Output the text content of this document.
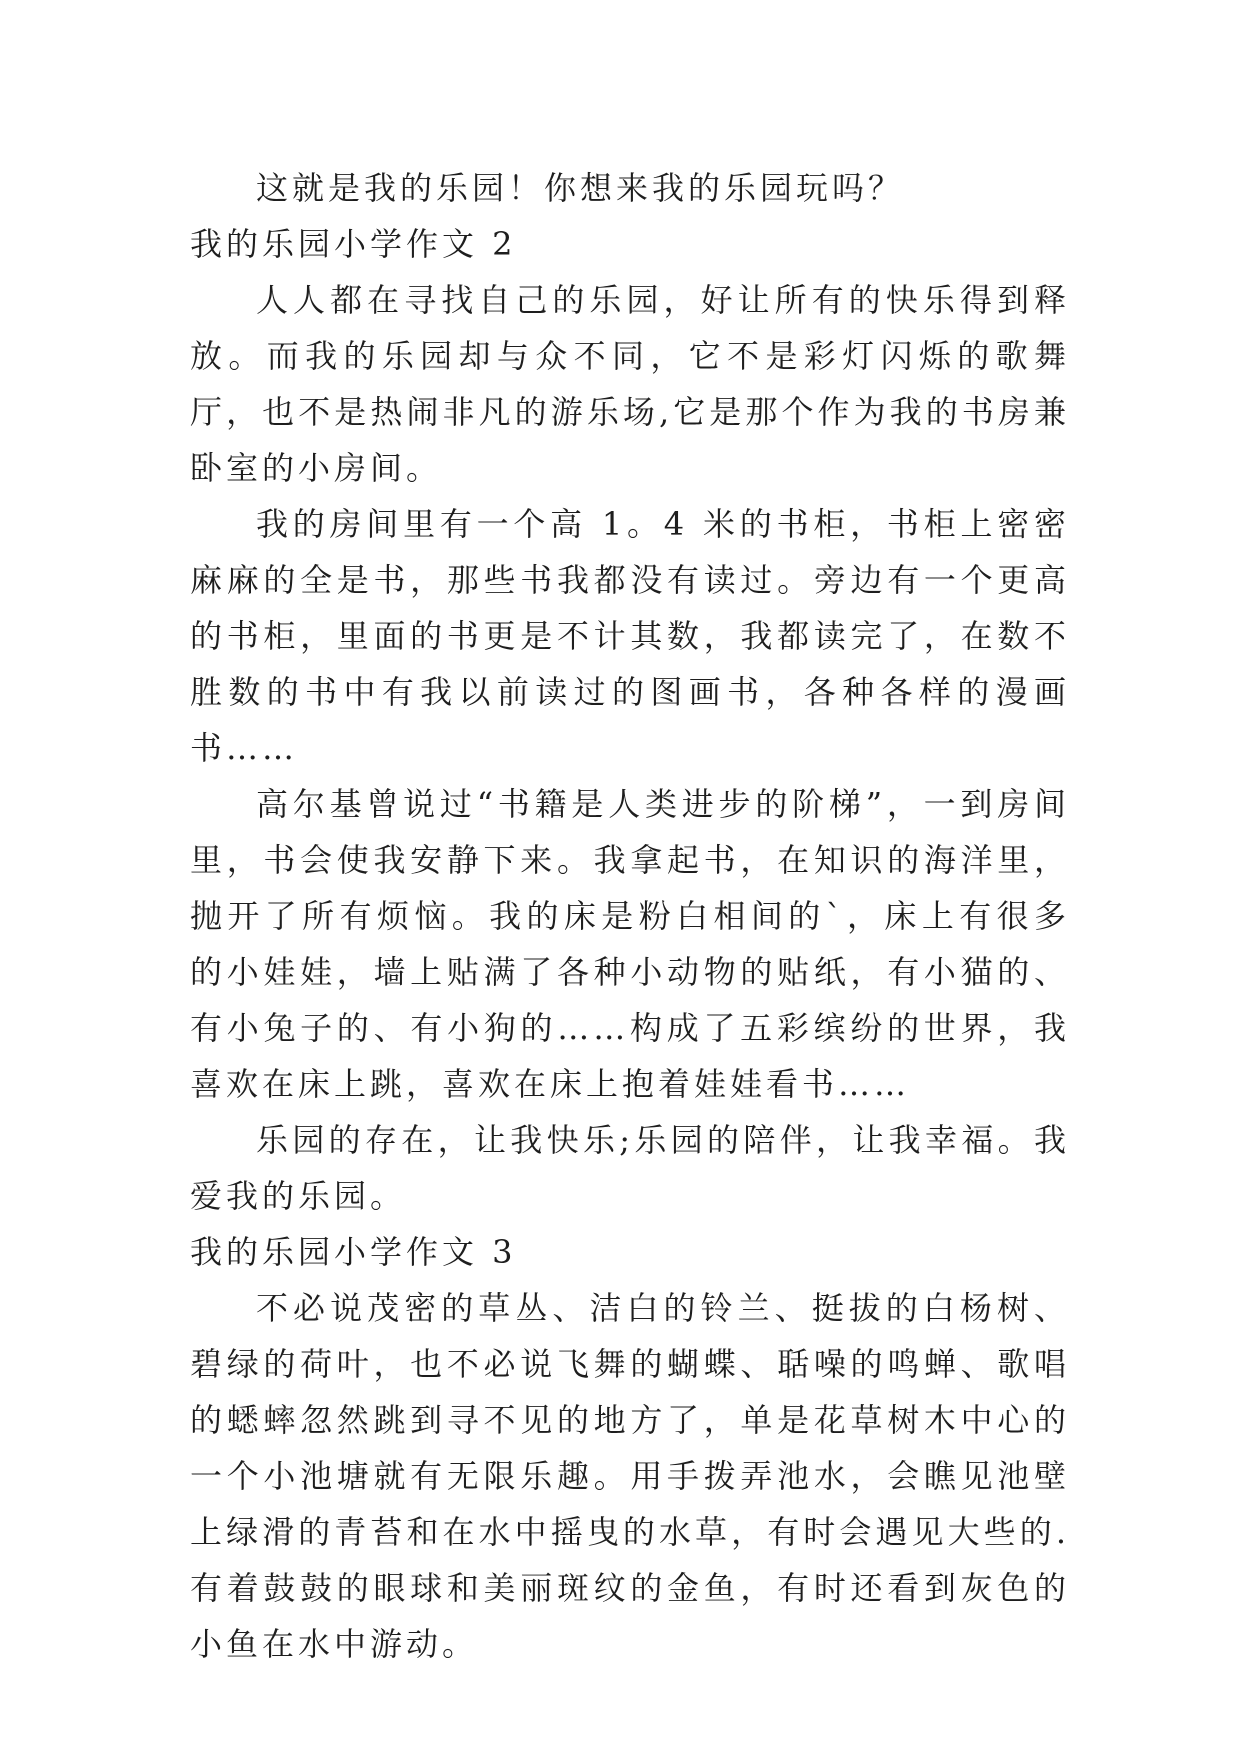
这就是我的乐园！你想来我的乐园玩吗？

我的乐园小学作文 2

人人都在寻找自己的乐园，好让所有的快乐得到释放。而我的乐园却与众不同，它不是彩灯闪烁的歌舞厅，也不是热闹非凡的游乐场,它是那个作为我的书房兼卧室的小房间。

我的房间里有一个高 1。4 米的书柜，书柜上密密麻麻的全是书，那些书我都没有读过。旁边有一个更高的书柜，里面的书更是不计其数，我都读完了，在数不胜数的书中有我以前读过的图画书，各种各样的漫画书……

高尔基曾说过“书籍是人类进步的阶梯”，一到房间里，书会使我安静下来。我拿起书，在知识的海洋里，抛开了所有烦恼。我的床是粉白相间的`，床上有很多的小娃娃，墙上贴满了各种小动物的贴纸，有小猫的、有小兔子的、有小狗的……构成了五彩缤纷的世界，我喜欢在床上跳，喜欢在床上抱着娃娃看书……

乐园的存在，让我快乐;乐园的陪伴，让我幸福。我爱我的乐园。

我的乐园小学作文 3

不必说茂密的草丛、洁白的铃兰、挺拔的白杨树、碧绿的荷叶，也不必说飞舞的蝴蝶、聒噪的鸣蝉、歌唱的蟋蟀忽然跳到寻不见的地方了，单是花草树木中心的一个小池塘就有无限乐趣。用手拨弄池水，会瞧见池壁上绿滑的青苔和在水中摇曳的水草，有时会遇见大些的.有着鼓鼓的眼球和美丽斑纹的金鱼，有时还看到灰色的小鱼在水中游动。
